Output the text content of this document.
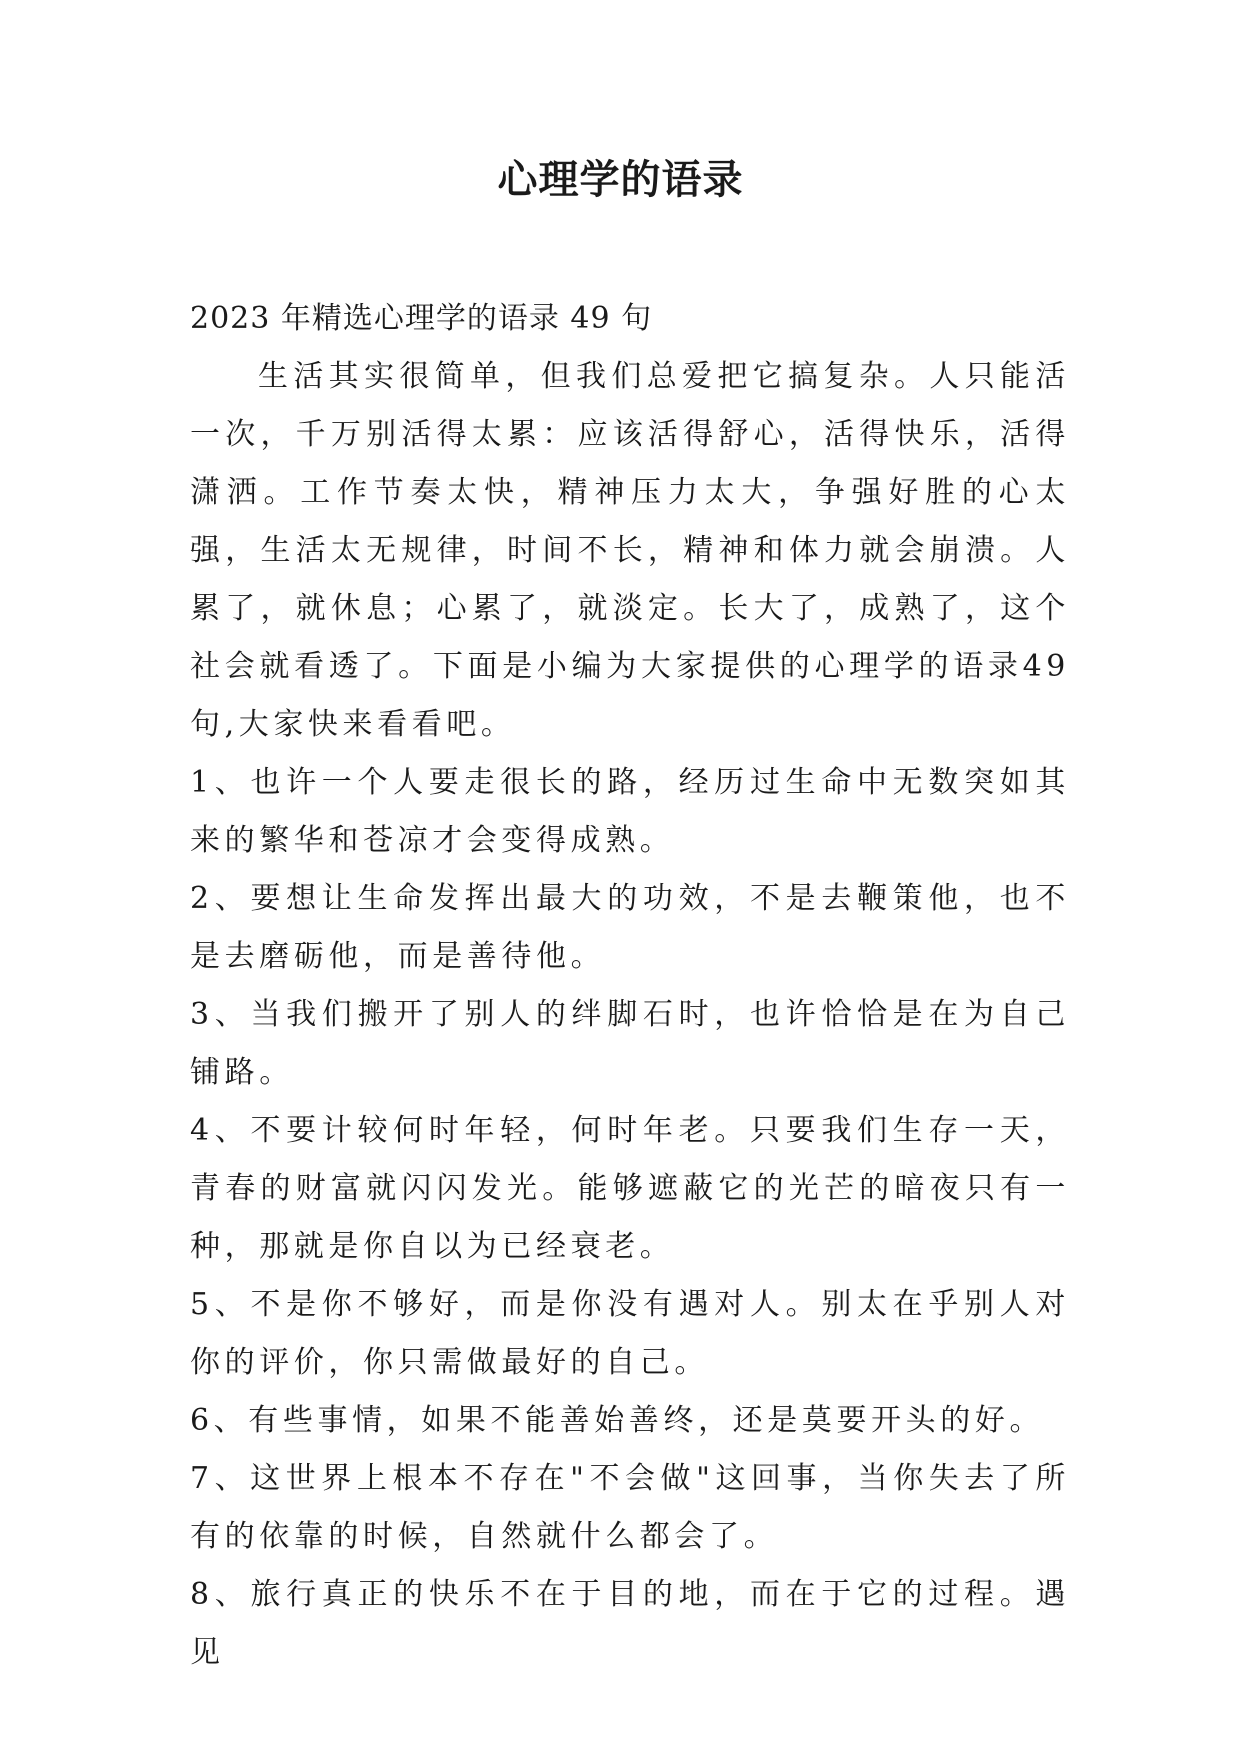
心理学的语录

2023 年精选心理学的语录 49 句

生活其实很简单，但我们总爱把它搞复杂。人只能活一次，千万别活得太累：应该活得舒心，活得快乐，活得潇洒。工作节奏太快，精神压力太大，争强好胜的心太强，生活太无规律，时间不长，精神和体力就会崩溃。人累了，就休息；心累了，就淡定。长大了，成熟了，这个社会就看透了。下面是小编为大家提供的心理学的语录49句,大家快来看看吧。

1、也许一个人要走很长的路，经历过生命中无数突如其来的繁华和苍凉才会变得成熟。

2、要想让生命发挥出最大的功效，不是去鞭策他，也不是去磨砺他，而是善待他。

3、当我们搬开了别人的绊脚石时，也许恰恰是在为自己铺路。

4、不要计较何时年轻，何时年老。只要我们生存一天，青春的财富就闪闪发光。能够遮蔽它的光芒的暗夜只有一种，那就是你自以为已经衰老。

5、不是你不够好，而是你没有遇对人。别太在乎别人对你的评价，你只需做最好的自己。

6、有些事情，如果不能善始善终，还是莫要开头的好。

7、这世界上根本不存在"不会做"这回事，当你失去了所有的依靠的时候，自然就什么都会了。

8、旅行真正的快乐不在于目的地，而在于它的过程。遇见
